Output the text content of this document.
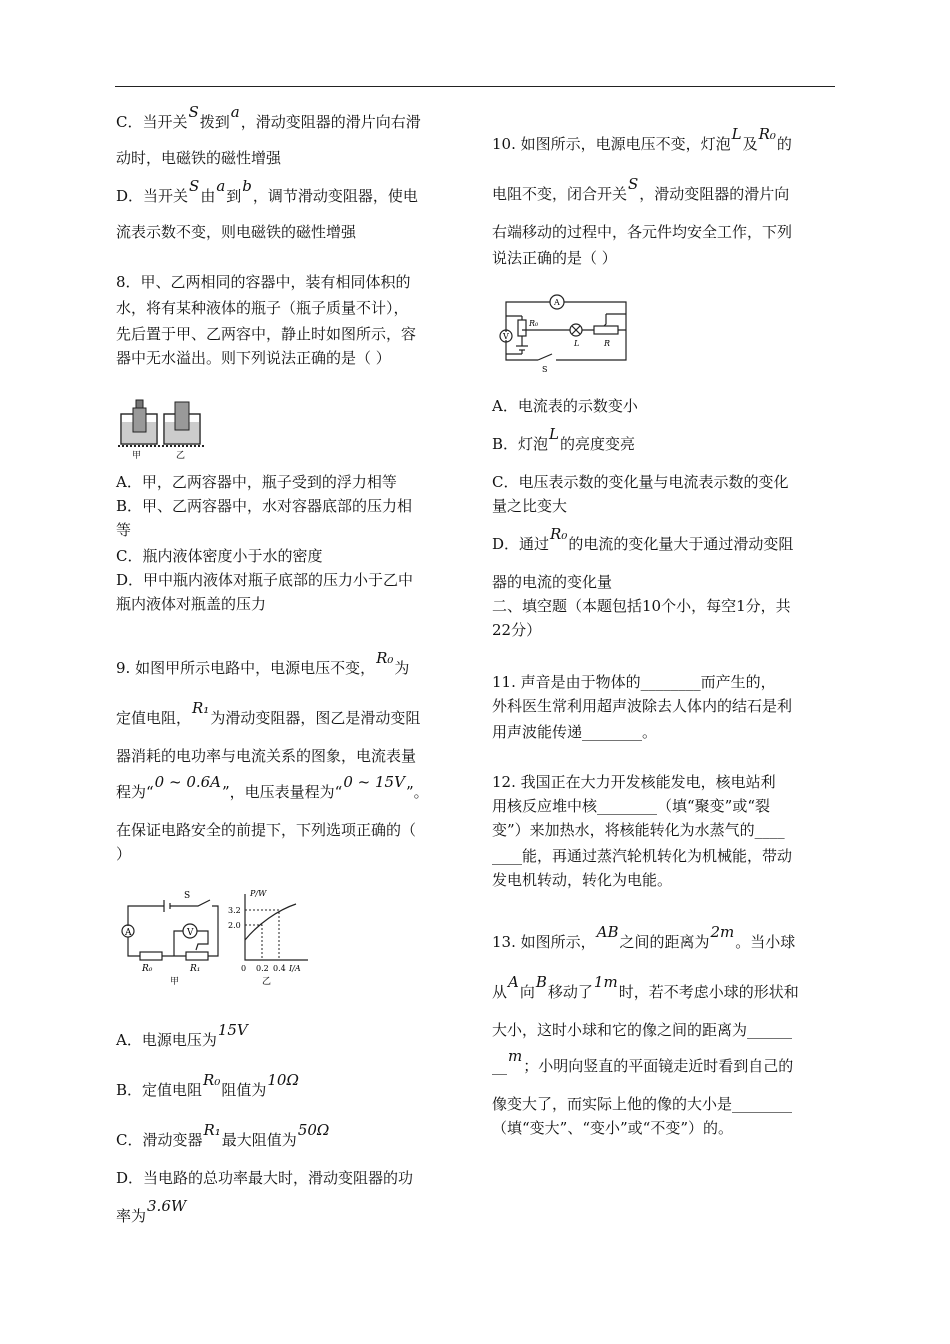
C．当开关S拨到a，滑动变阻器的滑片向右滑
动时，电磁铁的磁性增强
D．当开关S由a到b，调节滑动变阻器，使电
流表示数不变，则电磁铁的磁性增强
8．甲、乙两相同的容器中，装有相同体积的
水，将有某种液体的瓶子（瓶子质量不计），
先后置于甲、乙两容中，静止时如图所示，容
器中无水溢出。则下列说法正确的是（ ）
甲	乙
A．甲，乙两容器中，瓶子受到的浮力相等
B．甲、乙两容器中，水对容器底部的压力相
等
C．瓶内液体密度小于水的密度
D．甲中瓶内液体对瓶子底部的压力小于乙中
瓶内液体对瓶盖的压力
9. 如图甲所示电路中，电源电压不变，R₀为
定值电阻，R₁为滑动变阻器，图乙是滑动变阻
器消耗的电功率与电流关系的图象，电流表量
程为“0 ~ 0.6A”，电压表量程为“0 ~ 15V”。
在保证电路安全的前提下，下列选项正确的（
）
A	V
S
R₀	R₁
甲
P/W
3.2
2.0
0 0.2 0.4 I/A
乙
A．电源电压为15V
B．定值电阻R₀阻值为10Ω
C．滑动变器R₁最大阻值为50Ω
D．当电路的总功率最大时，滑动变阻器的功
率为3.6W
10. 如图所示，电源电压不变，灯泡L及R₀的
电阻不变，闭合开关S，滑动变阻器的滑片向
右端移动的过程中，各元件均安全工作，下列
说法正确的是（ ）
A
V
R₀
L	R
S
A．电流表的示数变小
B．灯泡L的亮度变亮
C．电压表示数的变化量与电流表示数的变化
量之比变大
D．通过R₀的电流的变化量大于通过滑动变阻
器的电流的变化量
二、填空题（本题包括10个小，每空1分，共
22分）
11. 声音是由于物体的________而产生的，
外科医生常利用超声波除去人体内的结石是利
用声波能传递________。
12. 我国正在大力开发核能发电，核电站利
用核反应堆中核________（填“聚变”或“裂
变”）来加热水，将核能转化为水蒸气的____
____能，再通过蒸汽轮机转化为机械能，带动
发电机转动，转化为电能。
13. 如图所示，AB之间的距离为2m。当小球
从A向B移动了1m时，若不考虑小球的形状和
大小，这时小球和它的像之间的距离为______
__m；小明向竖直的平面镜走近时看到自己的
像变大了，而实际上他的像的大小是________
（填“变大”、“变小”或“不变”）的。
